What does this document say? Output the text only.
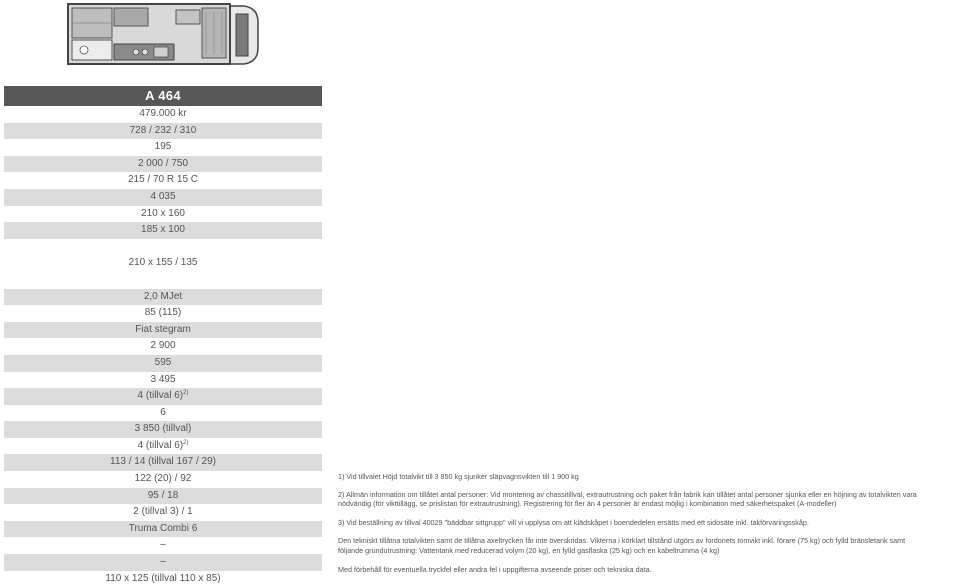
A 464
479.000 kr
728 / 232 / 310
195
2 000 / 750
215 / 70 R 15 C
4 035
210 x 160
185 x 100
210 x 155 / 135
2,0 MJet
85 (115)
Fiat stegram
2 900
595
3 495
4 (tillval 6)$^{2)}$
6
3 850 (tillval)
4 (tillval 6)$^{2)}$
113 / 14 (tillval 167 / 29)
122 (20) / 92
95 / 18
2 (tillval 3) / 1
Truma Combi 6
–
–
110 x 125 (tillval 110 x 85)

1) Vid tillvalet Höjd totalvikt till 3 850 kg sjunker släpvagnsvikten till 1 900 kg

2) Allmän information om tillåtet antal personer: Vid montering av chassitillval, extrautrustning och paket från fabrik kan tillåtet antal personer sjunka eller en höjning av totalvikten vara

nödvändig (för vikttillägg, se prislistan för extrautrustning). Registrering för fler än 4 personer är endast möjlig i kombination med säkerhetspaket (A-modeller)

3) Vid beställning av tillval 40029 "bäddbar sittgrupp" vill vi upplysa om att klädskåpet i boendedelen ersätts med ett sidosäte inkl. takförvaringsskåp.

Den tekniskt tillåtna totalvikten samt de tillåtna axeltrycken får inte överskridas. Vikterna i körklart tillstånd utgörs av fordonets tomvikt inkl. förare (75 kg) och fylld bränsletank samt

följande grundutrustning: Vattentank med reducerad volym (20 kg), en fylld gasflaska (25 kg) och en kabeltrumma (4 kg)

Med förbehåll för eventuella tryckfel eller andra fel i uppgifterna avseende priser och tekniska data.
